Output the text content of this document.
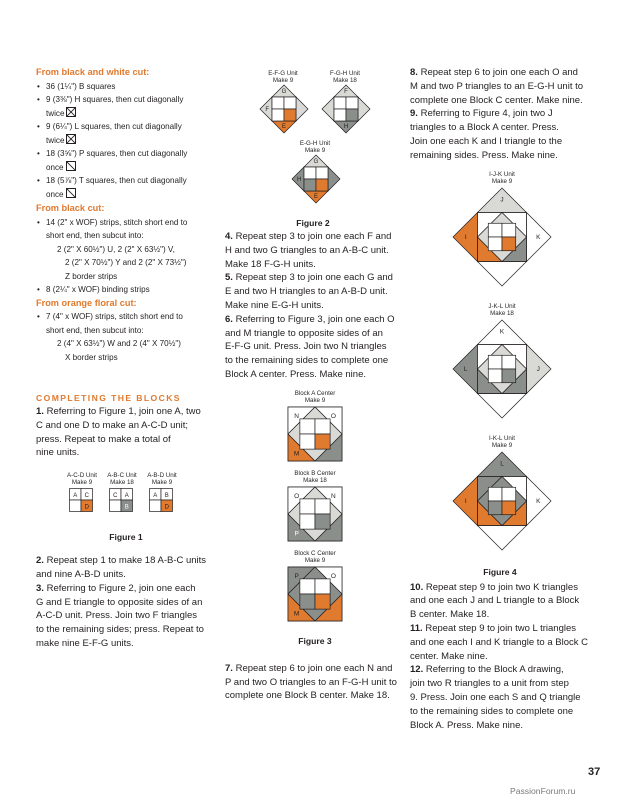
From black and white cut:
• 36 (1¼") B squares
• 9 (3⅜") H squares, then cut diagonally
twice
• 9 (6¼") L squares, then cut diagonally
twice
• 18 (3⅝") P squares, then cut diagonally
once
• 18 (5⅞") T squares, then cut diagonally
once
From black cut:
• 14 (2" x WOF) strips, stitch short end to
short end, then subcut into:
2 (2" X 60½") U, 2 (2" X 63½") V,
2 (2" X 70½") Y and 2 (2" X 73½")
Z border strips
• 8 (2¼" x WOF) binding strips
From orange floral cut:
• 7 (4" x WOF) strips, stitch short end to
short end, then subcut into:
2 (4" X 63½") W and 2 (4" X 70½")
X border strips
COMPLETING THE BLOCKS
1. Referring to Figure 1, join one A, two
C and one D to make an A-C-D unit;
press. Repeat to make a total of
nine units.
A-C-D Unit
Make 9
A C
D
A-B-C Unit
Make 18
C A
B
A-B-D Unit
Make 9
A B
D
Figure 1
2. Repeat step 1 to make 18 A-B-C units
and nine A-B-D units.
3. Referring to Figure 2, join one each
G and E triangle to opposite sides of an
A-C-D unit. Press. Join two F triangles
to the remaining sides; press. Repeat to
make nine E-F-G units.
E-F-G Unit
Make 9
G
E
F
F-G-H Unit
Make 18
F
H
E-G-H Unit
Make 9
G
E
H
Figure 2
4. Repeat step 3 to join one each F and
H and two G triangles to an A-B-C unit.
Make 18 F-G-H units.
5. Repeat step 3 to join one each G and
E and two H triangles to an A-B-D unit.
Make nine E-G-H units.
6. Referring to Figure 3, join one each O
and M triangle to opposite sides of an
E-F-G unit. Press. Join two N triangles
to the remaining sides to complete one
Block A center. Press. Make nine.
Block A Center
Make 9
N	O
M
Block B Center
Make 18
O	N
P
Block C Center
Make 9
P	O
M
Figure 3
7. Repeat step 6 to join one each N and
P and two O triangles to an F-G-H unit to
complete one Block B center. Make 18.
8. Repeat step 6 to join one each O and
M and two P triangles to an E-G-H unit to
complete one Block C center. Make nine.
9. Referring to Figure 4, join two J
triangles to a Block A center. Press.
Join one each K and I triangle to the
remaining sides. Press. Make nine.
I-J-K Unit
Make 9
J
I	K
J-K-L Unit
Make 18
K
L	J
I-K-L Unit
Make 9
L
I	K
Figure 4
10. Repeat step 9 to join two K triangles
and one each J and L triangle to a Block
B center. Make 18.
11. Repeat step 9 to join two L triangles
and one each I and K triangle to a Block C
center. Make nine.
12. Referring to the Block A drawing,
join two R triangles to a unit from step
9. Press. Join one each S and Q triangle
to the remaining sides to complete one
Block A. Press. Make nine.
37
PassionForum.ru
